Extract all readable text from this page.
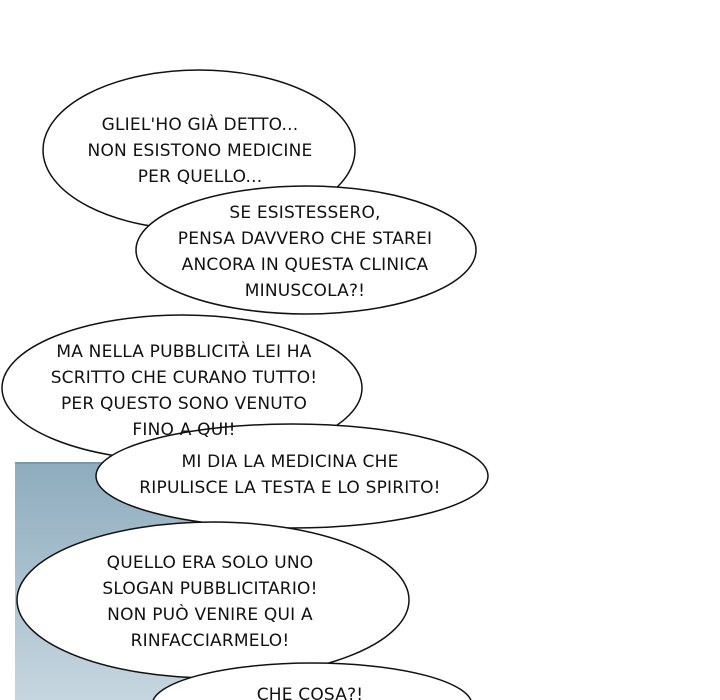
GLIEL'HO GIÀ DETTO...
NON ESISTONO MEDICINE
PER QUELLO...

SE ESISTESSERO,
PENSA DAVVERO CHE STAREI
ANCORA IN QUESTA CLINICA
MINUSCOLA?!

MA NELLA PUBBLICITÀ LEI HA
SCRITTO CHE CURANO TUTTO!
PER QUESTO SONO VENUTO
FINO A QUI!

MI DIA LA MEDICINA CHE
RIPULISCE LA TESTA E LO SPIRITO!

QUELLO ERA SOLO UNO
SLOGAN PUBBLICITARIO!
NON PUÒ VENIRE QUI A
RINFACCIARMELO!

CHE COSA?!
